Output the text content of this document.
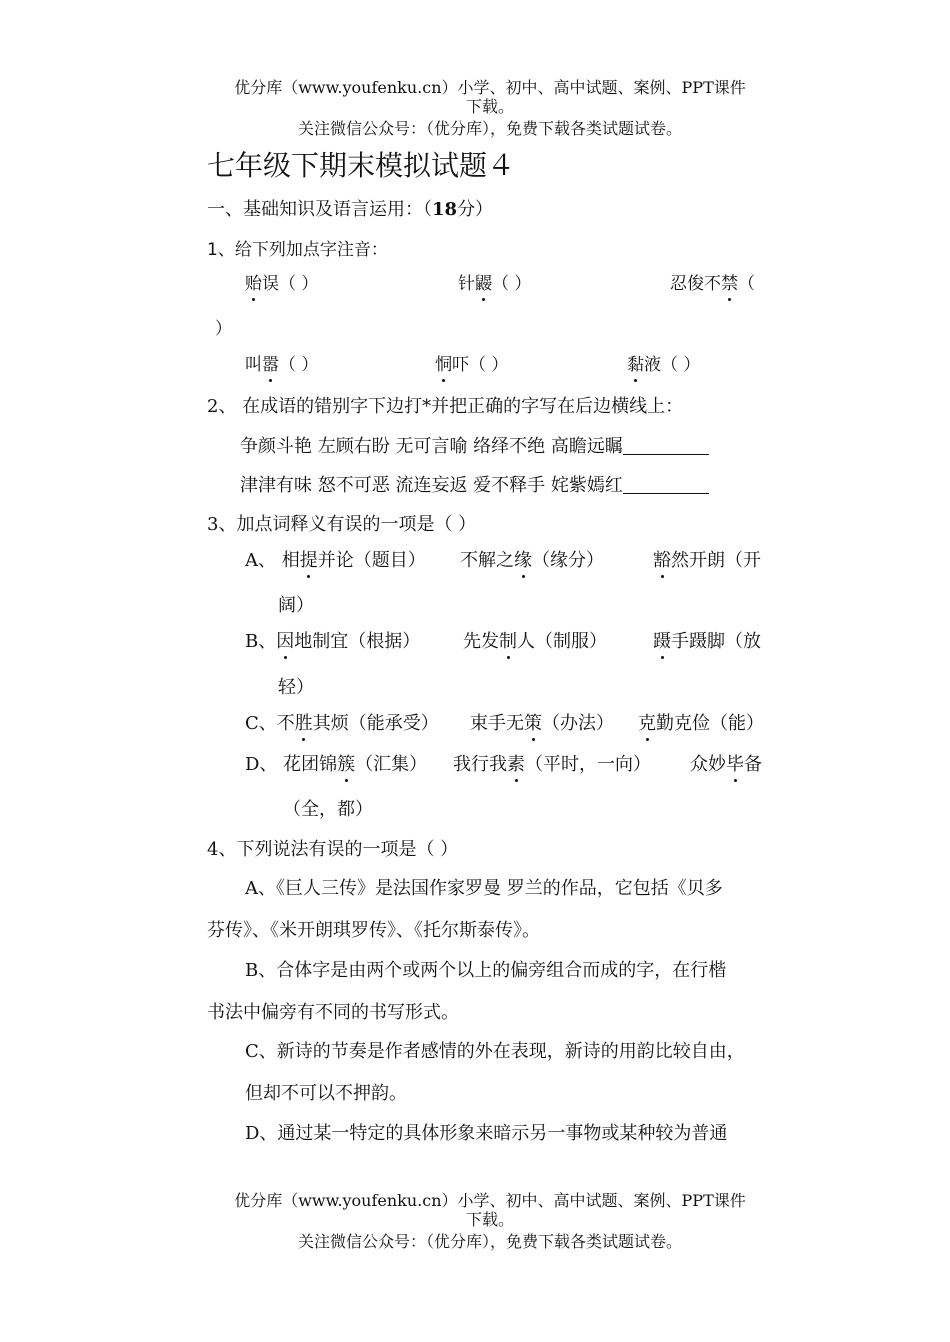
优分库（www.youfenku.cn）小学、初中、高中试题、案例、PPT课件
下载。
关注微信公众号：（优分库），免费下载各类试题试卷。
七年级下期末模拟试题４
一、基础知识及语言运用：（18分）
1、给下列加点字注音：
贻误（ ）	针鼹（ ）	忍俊不禁（
）
叫嚣（ ）	恫吓（ ）	黏液（ ）
2、 在成语的错别字下边打*并把正确的字写在后边横线上：
争颜斗艳 左顾右盼 无可言喻 络绎不绝 高瞻远瞩
津津有味 怒不可恶 流连妄返 爱不释手 姹紫嫣红
3、加点词释义有误的一项是（ ）
A、 相提并论（题目） 不解之缘（缘分）	豁然开朗（开
阔）
B、因地制宜（根据） 先发制人（制服）	蹑手蹑脚（放
轻）
C、不胜其烦（能承受） 束手无策（办法） 克勤克俭（能）
D、 花团锦簇（汇集） 我行我素（平时，一向） 众妙毕备
（全，都）
4、下列说法有误的一项是（ ）
A、《巨人三传》是法国作家罗曼 罗兰的作品，它包括《贝多
芬传》、《米开朗琪罗传》、《托尔斯泰传》。
B、合体字是由两个或两个以上的偏旁组合而成的字，在行楷
书法中偏旁有不同的书写形式。
C、新诗的节奏是作者感情的外在表现，新诗的用韵比较自由，
但却不可以不押韵。
D、通过某一特定的具体形象来暗示另一事物或某种较为普通
优分库（www.youfenku.cn）小学、初中、高中试题、案例、PPT课件
下载。
关注微信公众号：（优分库），免费下载各类试题试卷。
